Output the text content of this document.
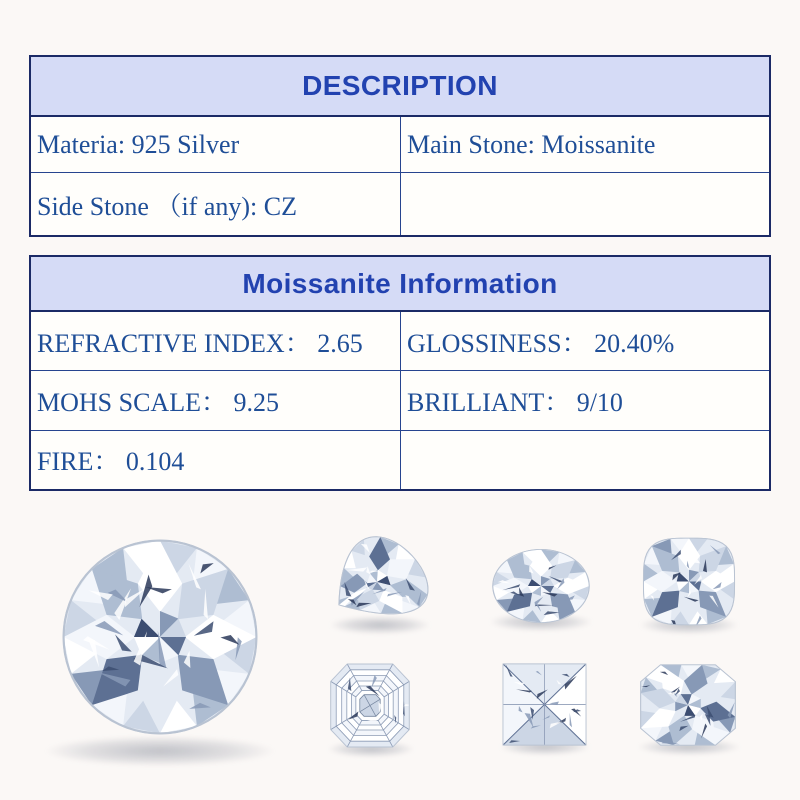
DESCRIPTION
Materia: 925 Silver	Main Stone: Moissanite
Side Stone （if any): CZ
Moissanite Information
REFRACTIVE INDEX： 2.65	GLOSSINESS： 20.40%
MOHS SCALE： 9.25	BRILLIANT： 9/10
FIRE： 0.104
